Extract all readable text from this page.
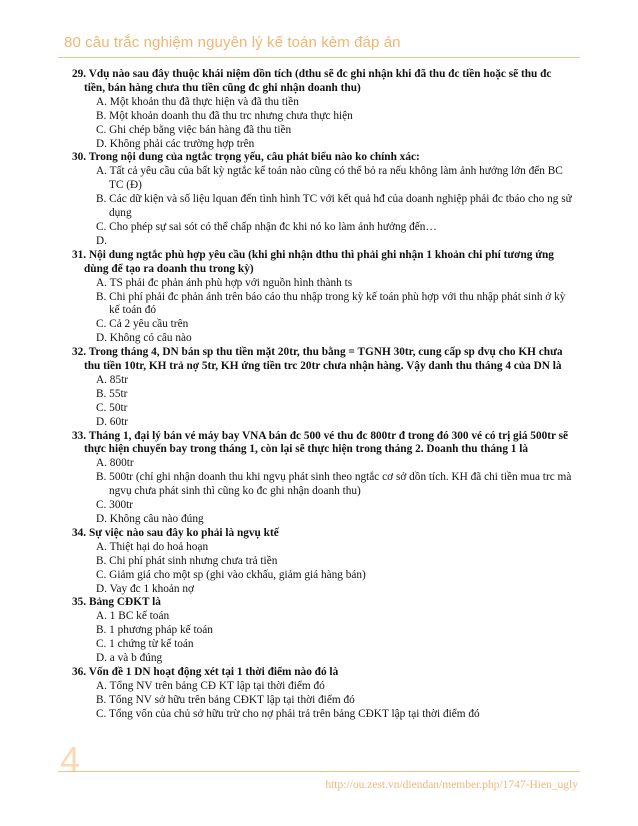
80 câu trắc nghiệm nguyên lý kế toán kèm đáp án
29. Vdụ nào sau đây thuộc khái niệm dồn tích (dthu sẽ đc ghi nhận khi đã thu đc tiền hoặc sẽ thu đc tiền, bán hàng chưa thu tiền cũng đc ghi nhận doanh thu)
A. Một khoản thu đã thực hiện và đã thu tiền
B. Một khoản doanh thu đã thu trc nhưng chưa thực hiện
C. Ghi chép bằng việc bán hàng đã thu tiền
D. Không phải các trường hợp trên
30. Trong nội dung của ngtắc trọng yếu, câu phát biểu nào ko chính xác:
A. Tất cả yêu cầu của bất kỳ ngtắc kế toán nào cũng có thể bỏ ra nếu không làm ảnh hưởng lớn đến BC TC (Đ)
B. Các dữ kiện và số liệu lquan đến tình hình TC với kết quả hđ của doanh nghiệp phải đc tbáo cho ng sử dụng
C. Cho phép sự sai sót có thể chấp nhận đc khi nó ko làm ảnh hưởng đến…
D.
31. Nội dung ngtắc phù hợp yêu cầu (khi ghi nhận dthu thì phải ghi nhận 1 khoản chi phí tương ứng dùng để tạo ra doanh thu trong kỳ)
A. TS phải đc phản ánh phù hợp với nguồn hình thành ts
B. Chi phí phải đc phản ánh trên báo cáo thu nhập trong kỳ kế toán phù hợp với thu nhập phát sinh ở kỳ kế toán đó
C. Cả 2 yêu cầu trên
D. Không có câu nào
32. Trong tháng 4, DN bán sp thu tiền mặt 20tr, thu bằng = TGNH 30tr, cung cấp sp dvụ cho KH chưa thu tiền 10tr, KH trả nợ 5tr, KH ứng tiền trc 20tr chưa nhận hàng. Vậy danh thu tháng 4 của DN là
A. 85tr
B. 55tr
C. 50tr
D. 60tr
33. Tháng 1, đại lý bán vé máy bay VNA bán đc 500 vé thu đc 800tr đ trong đó 300 vé có trị giá 500tr sẽ thực hiện chuyến bay trong tháng 1, còn lại sẽ thực hiện trong tháng 2. Doanh thu tháng 1 là
A. 800tr
B. 500tr (chỉ ghi nhận doanh thu khi ngvụ phát sinh theo ngtắc cơ sở dồn tích. KH đã chi tiền mua trc mà ngvụ chưa phát sinh thì cũng ko đc ghi nhận doanh thu)
C. 300tr
D. Không câu nào đúng
34. Sự việc nào sau đây ko phải là ngvụ ktế
A. Thiệt hại do hoả hoạn
B. Chi phí phát sinh nhưng chưa trả tiền
C. Giảm giá cho một sp (ghi vào ckhấu, giảm giá hàng bán)
D. Vay đc 1 khoản nợ
35. Bảng CĐKT là
A. 1 BC kế toán
B. 1 phương pháp kế toán
C. 1 chứng từ kế toán
D. a và b đúng
36. Vốn đề 1 DN hoạt động xét tại 1 thời điểm nào đó là
A. Tổng NV trên bảng CĐ KT lập tại thời điểm đó
B. Tổng NV sở hữu trên bảng CĐKT lập tại thời điểm đó
C. Tổng vốn của chủ sở hữu trừ cho nợ phải trả trên bảng CĐKT lập tại thời điểm đó
4
http://ou.zest.vn/diendan/member.php/1747-Hien_ugly
